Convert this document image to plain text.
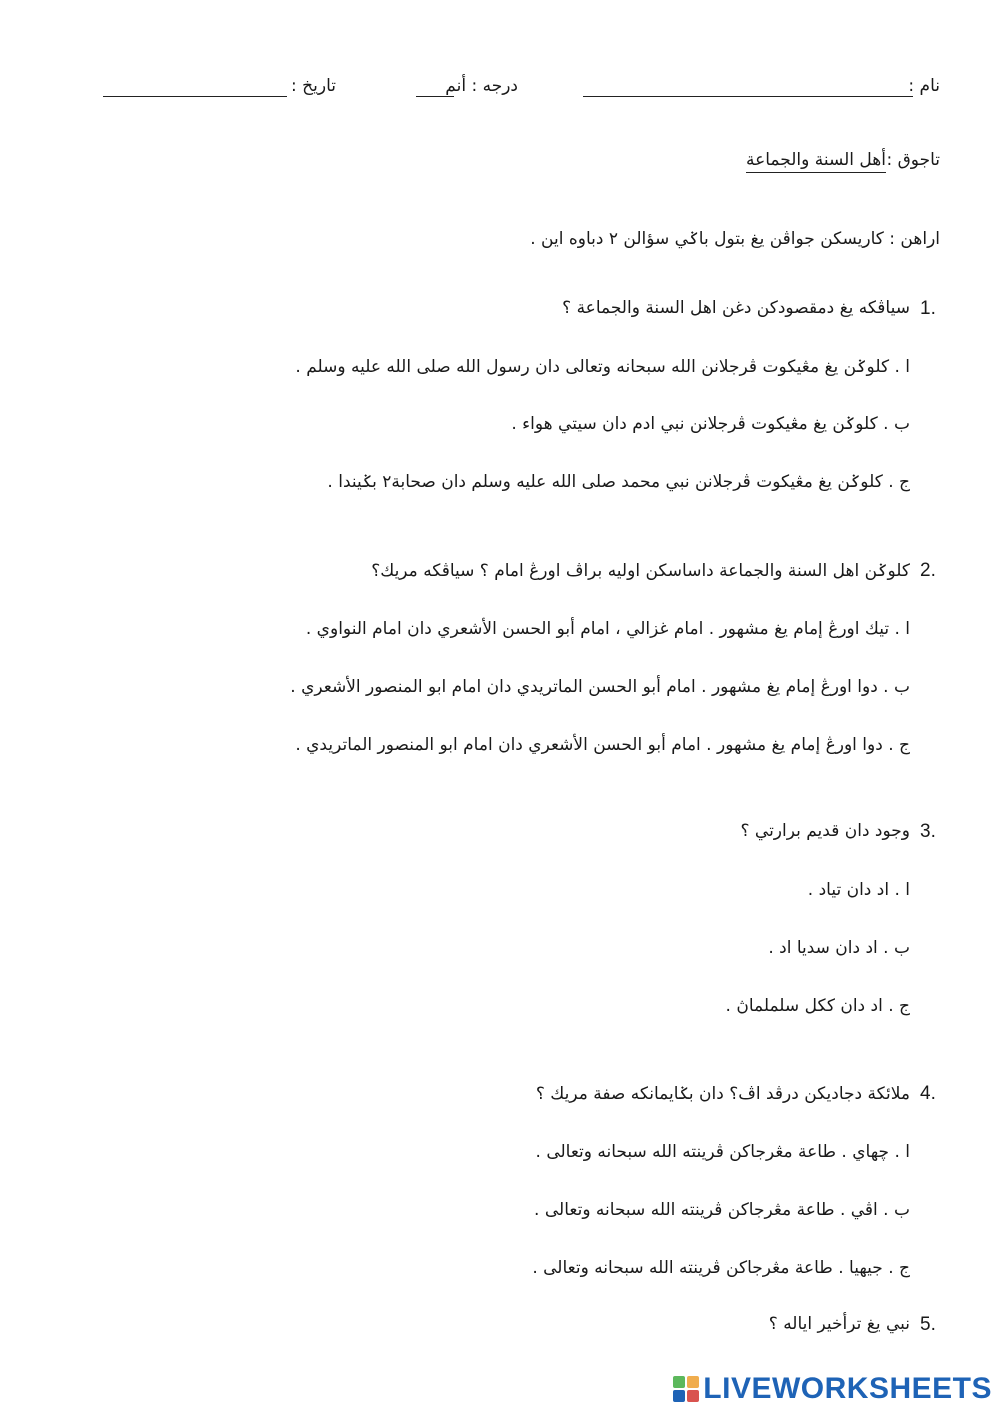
نام :
درجه : أنم
تاريخ :
تاجوق :
أهل السنة والجماعة
اراهن : كاريسكن جواڤن يغ بتول باݢي سؤالن ٢ دباوه اين .
1.
سياڤكه يغ دمقصودكن دغن اهل السنة والجماعة ؟
ا . كلوݢن يغ مڠيكوت ڤرجلانن الله سبحانه وتعالى دان رسول الله صلى الله عليه وسلم .
ب . كلوݢن يغ مڠيكوت ڤرجلانن نبي ادم دان سيتي هواء .
ج . كلوݢن يغ مڠيكوت ڤرجلانن نبي محمد صلى الله عليه وسلم دان صحابة٢ بݢيندا .
2.
كلوݢن اهل السنة والجماعة داساسكن اوليه براڤ اورڠ امام ؟ سياڤكه مريك؟
ا . تيك اورڠ إمام يغ مشهور . امام غزالي ، امام أبو الحسن الأشعري دان امام النواوي .
ب . دوا اورڠ إمام يغ مشهور . امام أبو الحسن الماتريدي دان امام ابو المنصور الأشعري .
ج . دوا اورڠ إمام يغ مشهور . امام أبو الحسن الأشعري دان امام ابو المنصور الماتريدي .
3.
وجود دان قديم برارتي ؟
ا . اد دان تياد .
ب . اد دان سديا اد .
ج . اد دان ككل سلملماڽ .
4.
ملائكة دجاديكن درڤد اڤ؟ دان بݢايمانكه صفة مريك ؟
ا . چهاي . طاعة مڠرجاكن ڤرينته الله سبحانه وتعالى .
ب . اڤي . طاعة مڠرجاكن ڤرينته الله سبحانه وتعالى .
ج . جيهيا . طاعة مڠرجاكن ڤرينته الله سبحانه وتعالى .
5.
نبي يغ ترأخير اياله ؟
LIVEWORKSHEETS
